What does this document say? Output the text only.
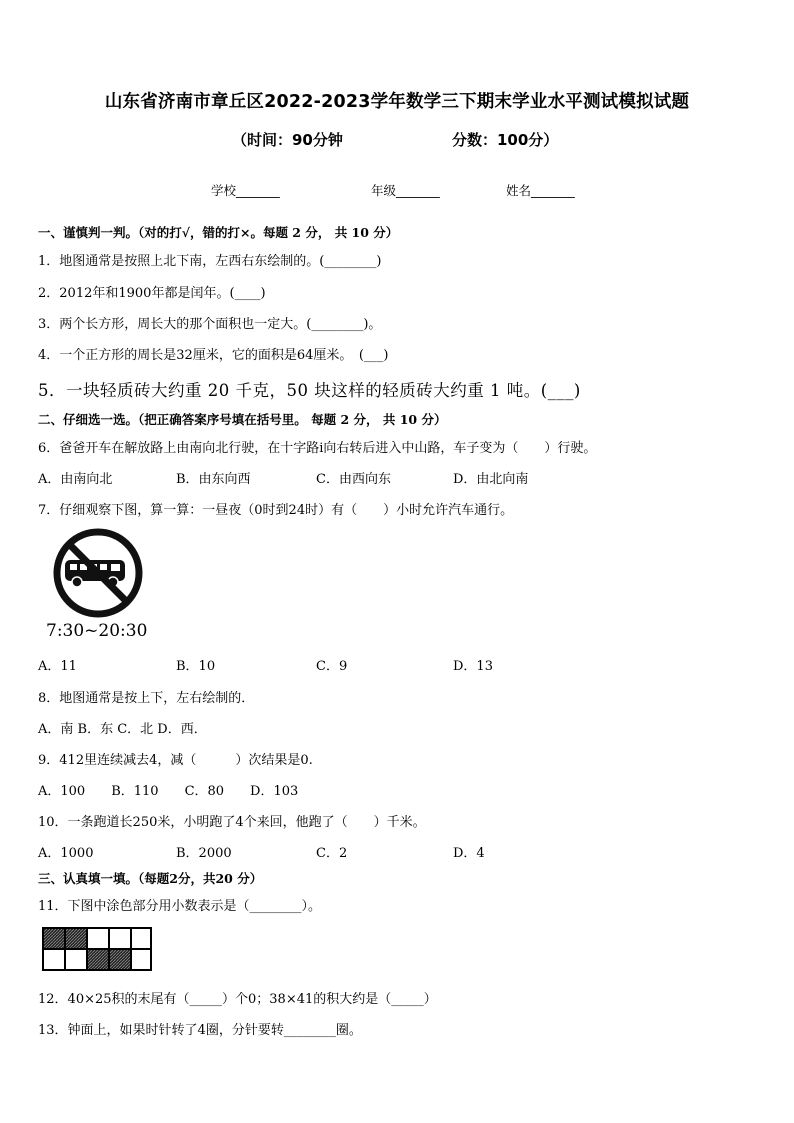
山东省济南市章丘区2022-2023学年数学三下期末学业水平测试模拟试题
（时间：90分钟	分数：100分）
学校_______	年级_______	姓名_______
一、谨慎判一判。（对的打√，错的打×。每题 2 分， 共 10 分）
1．地图通常是按照上北下南，左西右东绘制的。(________)
2．2012年和1900年都是闰年。(____)
3．两个长方形，周长大的那个面积也一定大。(________)。
4．一个正方形的周长是32厘米，它的面积是64厘米。　(___)
5．一块轻质砖大约重 20 千克，50 块这样的轻质砖大约重 1 吨。(___)
二、仔细选一选。（把正确答案序号填在括号里。 每题 2 分， 共 10 分）
6．爸爸开车在解放路上由南向北行驶，在十字路ⅰ向右转后进入中山路，车子变为（　　）行驶。
A．由南向北	B．由东向西	C．由西向东	D．由北向南
7．仔细观察下图，算一算：一昼夜（0时到24时）有（　　）小时允许汽车通行。
7:30~20:30
A．11	B．10	C．9	D．13
8．地图通常是按上下，左右绘制的．
A．南 B．东 C．北 D．西．
9．412里连续减去4，减（　　　）次结果是0.
A．100　　B．110　　C．80　　D．103
10．一条跑道长250米，小明跑了4个来回，他跑了（　　）千米。
A．1000	B．2000	C．2	D．4
三、认真填一填。（每题2分，共20 分）
11．下图中涂色部分用小数表示是（________）。
12．40×25积的末尾有（_____）个0；38×41的积大约是（_____）
13．钟面上，如果时针转了4圈，分针要转________圈。
